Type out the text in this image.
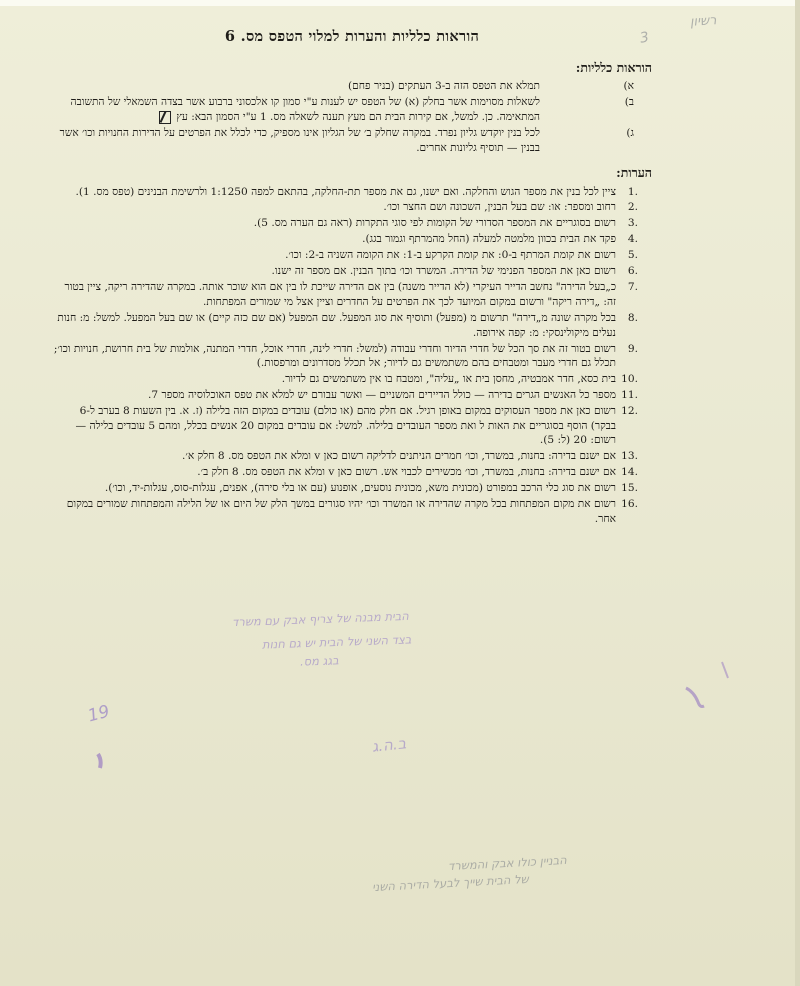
הוראות כלליות והערות למלוי הטפס מס. 6
הוראות כלליות:
א)
תמלא את הטפס הזה ב-3 העתקים (בניר פחם)
ב)
לשאלות מסוימות אשר בחלק (א) של הטפס יש לענות ע"י סמון קו אלכסוני ברבוע אשר בצדה השמאלי של התשובה המתאימה. כן. למשל, אם קירות הבית הם מעץ תענה לשאלה מס. 1 ע"י הסמון הבא: עץ
ג)
לכל בנין יוקדש גליון נפרד. במקרה שחלק ב׳ של הגליון אינו מספיק, כדי לכלל את הפרטים על הדירות החנויות וכו׳ אשר בבנין — תוסיף גליונות אחרים.
הערות:
.1
ציין לכל בנין את מספר הגוש והחלקה. ואם ישנו, גם את מספר תת-החלקה, בהתאם למפה 1:1250 ולרשימת הבנינים (טפס מס. 1).
.2
רחוב ומספר: או: שם בעל הבנין, השכונה ושם החצר וכו׳.
.3
רשום בסוגריים את המספר הסדורי של הקומות לפי סוגי התקרות (ראה גם הערה מס. 5).
.4
פקד את הבית בכוון מלמטה למעלה (החל מהמרתף וגמור בגג).
.5
רשום את קומת המרתף ב-0: את קומת הקרקע ב-1: את הקומה השניה ב-2: וכו׳.
.6
רשום כאן את המספר הפנימי של הדירה. המשרד וכו׳ בתוך הבנין. אם מספר זה ישנו.
.7
כ„בעל הדירה" נחשב הדייר העיקרי (לא הדייר משנה) בין אם הדירה שייכת לו בין אם הוא שוכר אותה. במקרה שהדירה ריקה, ציין בטור זה: „דירה ריקה" ורשום במקום המיועד לכך את הפרטים על החדרים וציין אצל מי שמורים המפתחות.
.8
בכל מקרה שונה מ„דירה" תרשום מ (מפעל) ותוסיף את סוג המפעל. שם המפעל (אם שם כזה קיים) או שם בעל המפעל. למשל: מ: חנות נעלים מיקולינסקי: מ: קפה אירופה.
.9
רשום בטור זה את סך הכל של חדרי הדיור וחדרי עבודה (למשל: חדרי לינה, חדרי אוכל, חדרי המתנה, אולמות של בית חרושת, חנויות וכו׳; תכלל גם חדרי מעבר ומטבחים בהם משתמשים גם לדיור; אל תכלל מסדרונים ומרפסות.)
.10
בית כסא, חדר אמבטיה, מחסן בית או „עליה", ומטבח בו אין משתמשים גם לדיור.
.11
מספר כל האנשים הגרים בדירה — כולל הדיירים המשניים — ואשר עבורם יש למלא את טפס האוכלוסיה מספר 7.
.12
רשום כאן את מספר העסוקים במקום באופן רגיל. אם חלק מהם (או כולם) עובדים במקום הזה בלילה (ז. א. בין השעות 8 בערב ל-6 בבקר) הוסף בסוגריים את האות ל ואת מספר העובדים בלילה. למשל: אם עובדים במקום 20 אנשים בכלל, ומהם 5 עובדים בלילה — רשום: 20 (ל: 5).
.13
אם ישנם בדירה: בחנות, במשרד, וכו׳ חמרים הניתנים לדליקה רשום כאן v ומלא את הטפס מס. 8 חלק א׳.
.14
אם ישנם בדירה: בחנות, במשרד, וכו׳ מכשירים לכבוי אש. רשום כאן v ומלא את הטפס מס. 8 חלק ב׳.
.15
רשום את סוג כלי הרכב במפורט (מכונית משא, מכונית נוסעים, אופנוע (עם או בלי סירה), אפנים, עגלות-סוס, עגלות-יד, וכו׳).
.16
רשום את מקום המפתחות בכל מקרה שהדירה או המשרד וכו׳ יהיו סגורים במשך הלק של היום או של הלילה והמפתחות שמורים במקום אחר.
רשיון
3
הבית מבנה של צריף אבק עם משרד
בצד השני של הבית יש גם חנות
בגג מס.
19
ב.ה.ג
הבניין כולו אבק והמשרד
של הבית שייך לבעל הדירה השני
